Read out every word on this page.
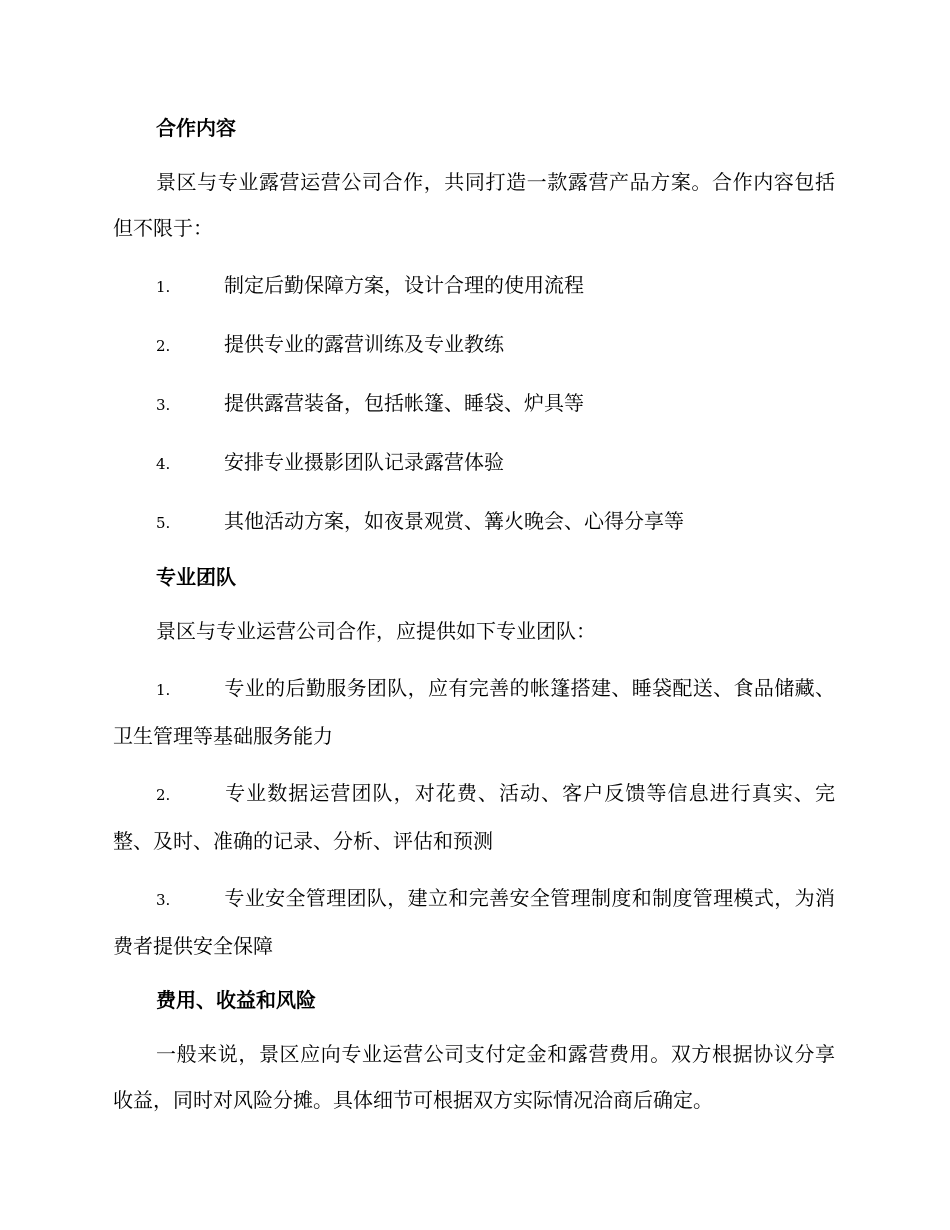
合作内容

景区与专业露营运营公司合作，共同打造一款露营产品方案。合作内容包括但不限于：

1.	制定后勤保障方案，设计合理的使用流程

2.	提供专业的露营训练及专业教练

3.	提供露营装备，包括帐篷、睡袋、炉具等

4.	安排专业摄影团队记录露营体验

5.	其他活动方案，如夜景观赏、篝火晚会、心得分享等

专业团队

景区与专业运营公司合作，应提供如下专业团队：

1.	专业的后勤服务团队，应有完善的帐篷搭建、睡袋配送、食品储藏、卫生管理等基础服务能力

2.	专业数据运营团队，对花费、活动、客户反馈等信息进行真实、完整、及时、准确的记录、分析、评估和预测

3.	专业安全管理团队，建立和完善安全管理制度和制度管理模式，为消费者提供安全保障

费用、收益和风险

一般来说，景区应向专业运营公司支付定金和露营费用。双方根据协议分享收益，同时对风险分摊。具体细节可根据双方实际情况洽商后确定。
